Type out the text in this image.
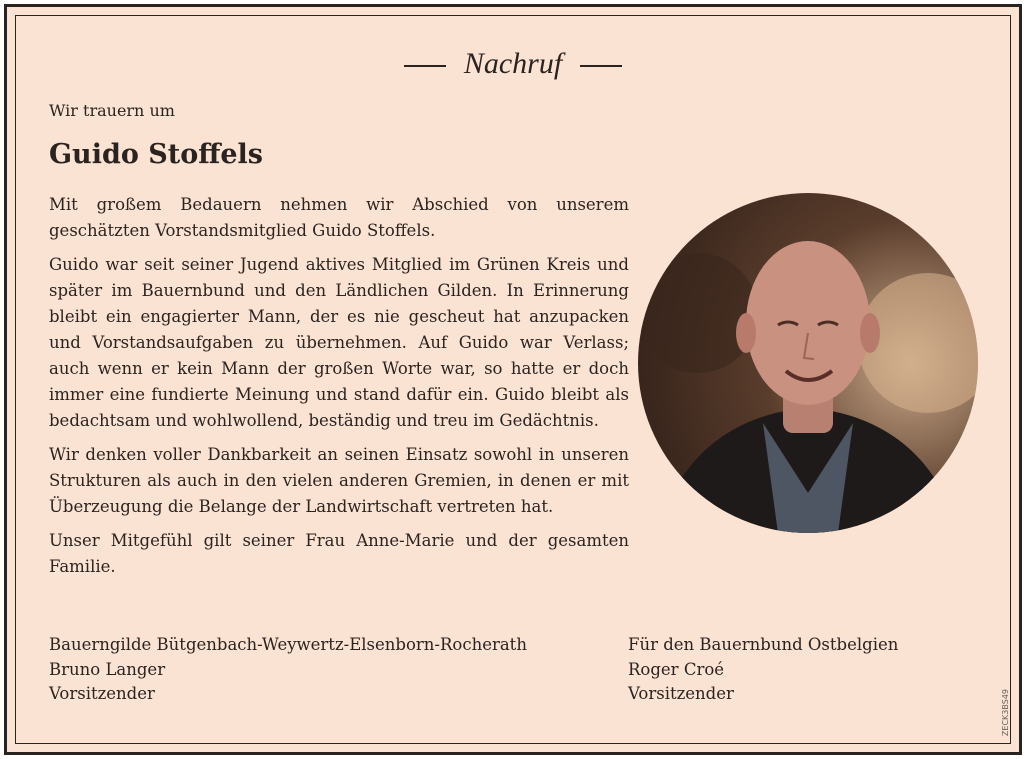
Nachruf
Wir trauern um
Guido Stoffels

Mit großem Bedauern nehmen wir Abschied von unserem geschätzten Vorstandsmitglied Guido Stoffels.

Guido war seit seiner Jugend aktives Mitglied im Grünen Kreis und später im Bauernbund und den Ländlichen Gilden. In Erinnerung bleibt ein engagierter Mann, der es nie gescheut hat anzupacken und Vorstandsaufgaben zu übernehmen. Auf Guido war Verlass; auch wenn er kein Mann der großen Worte war, so hatte er doch immer eine fundierte Meinung und stand dafür ein. Guido bleibt als bedachtsam und wohlwollend, beständig und treu im Gedächtnis.

Wir denken voller Dankbarkeit an seinen Einsatz sowohl in unseren Strukturen als auch in den vielen anderen Gremien, in denen er mit Überzeugung die Belange der Landwirtschaft vertreten hat.

Unser Mitgefühl gilt seiner Frau Anne-Marie und der gesamten Familie.

Bauerngilde Bütgenbach-Weywertz-Elsenborn-Rocherath
Bruno Langer
Vorsitzender
Für den Bauernbund Ostbelgien
Roger Croé
Vorsitzender	ZECK3BS49
